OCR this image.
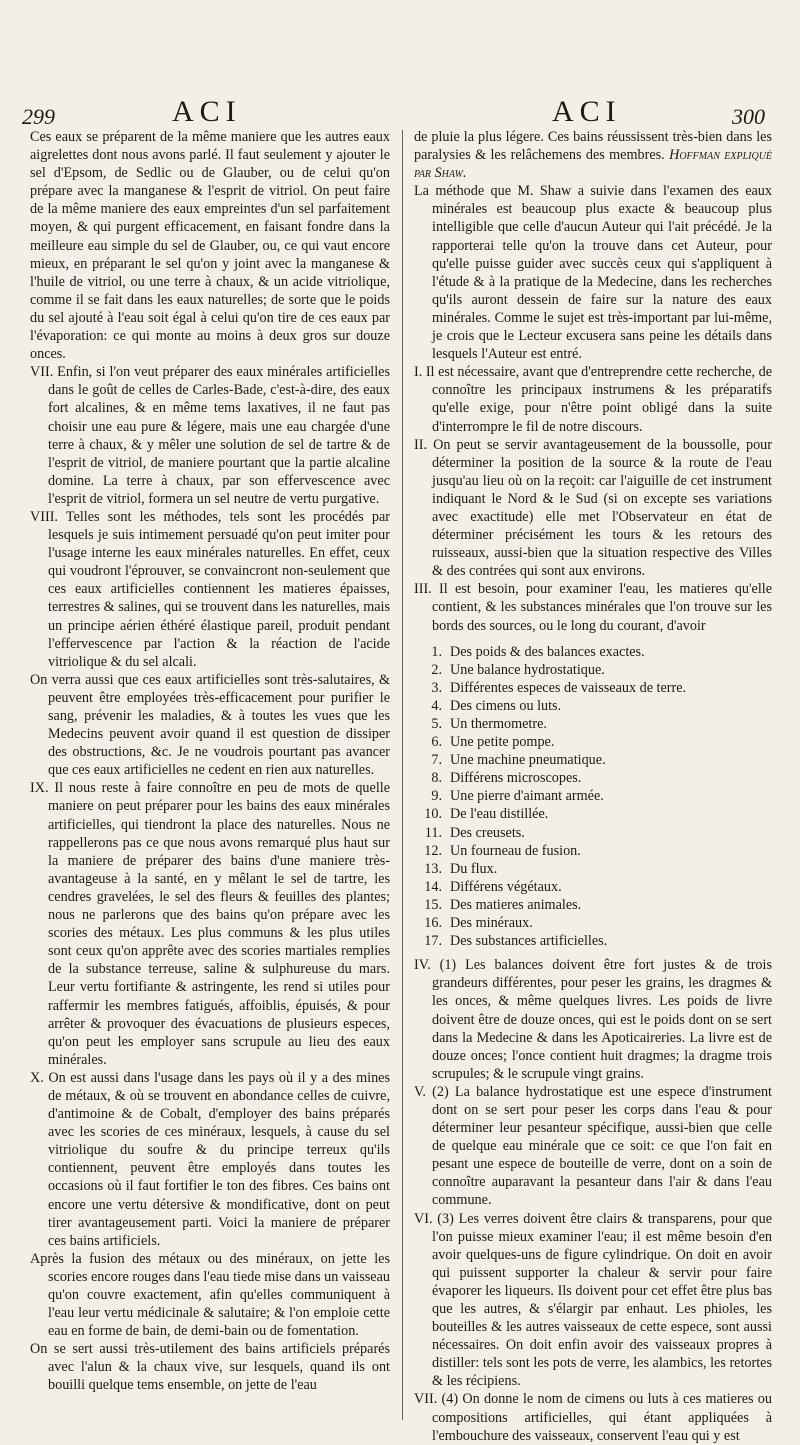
299	ACI	ACI	300

Ces eaux se préparent de la même maniere que les autres eaux aigrelettes dont nous avons parlé. Il faut seulement y ajouter le sel d'Epsom, de Sedlic ou de Glauber, ou de celui qu'on prépare avec la manganese & l'esprit de vitriol. On peut faire de la même maniere des eaux empreintes d'un sel parfaitement moyen, & qui purgent efficacement, en faisant fondre dans la meilleure eau simple du sel de Glauber, ou, ce qui vaut encore mieux, en préparant le sel qu'on y joint avec la manganese & l'huile de vitriol, ou une terre à chaux, & un acide vitriolique, comme il se fait dans les eaux naturelles; de sorte que le poids du sel ajouté à l'eau soit égal à celui qu'on tire de ces eaux par l'évaporation: ce qui monte au moins à deux gros sur douze onces.

VII. Enfin, si l'on veut préparer des eaux minérales artificielles dans le goût de celles de Carles-Bade, c'est-à-dire, des eaux fort alcalines, & en même tems laxatives, il ne faut pas choisir une eau pure & légere, mais une eau chargée d'une terre à chaux, & y mêler une solution de sel de tartre & de l'esprit de vitriol, de maniere pourtant que la partie alcaline domine. La terre à chaux, par son effervescence avec l'esprit de vitriol, formera un sel neutre de vertu purgative.

VIII. Telles sont les méthodes, tels sont les procédés par lesquels je suis intimement persuadé qu'on peut imiter pour l'usage interne les eaux minérales naturelles. En effet, ceux qui voudront l'éprouver, se convaincront non-seulement que ces eaux artificielles contiennent les matieres épaisses, terrestres & salines, qui se trouvent dans les naturelles, mais un principe aérien éthéré élastique pareil, produit pendant l'effervescence par l'action & la réaction de l'acide vitriolique & du sel alcali.

On verra aussi que ces eaux artificielles sont très-salutaires, & peuvent être employées très-efficacement pour purifier le sang, prévenir les maladies, & à toutes les vues que les Medecins peuvent avoir quand il est question de dissiper des obstructions, &c. Je ne voudrois pourtant pas avancer que ces eaux artificielles ne cedent en rien aux naturelles.

IX. Il nous reste à faire connoître en peu de mots de quelle maniere on peut préparer pour les bains des eaux minérales artificielles, qui tiendront la place des naturelles. Nous ne rappellerons pas ce que nous avons remarqué plus haut sur la maniere de préparer des bains d'une maniere très-avantageuse à la santé, en y mêlant le sel de tartre, les cendres gravelées, le sel des fleurs & feuilles des plantes; nous ne parlerons que des bains qu'on prépare avec les scories des métaux. Les plus communs & les plus utiles sont ceux qu'on apprête avec des scories martiales remplies de la substance terreuse, saline & sulphureuse du mars. Leur vertu fortifiante & astringente, les rend si utiles pour raffermir les membres fatigués, affoiblis, épuisés, & pour arrêter & provoquer des évacuations de plusieurs especes, qu'on peut les employer sans scrupule au lieu des eaux minérales.

X. On est aussi dans l'usage dans les pays où il y a des mines de métaux, & où se trouvent en abondance celles de cuivre, d'antimoine & de Cobalt, d'employer des bains préparés avec les scories de ces minéraux, lesquels, à cause du sel vitriolique du soufre & du principe terreux qu'ils contiennent, peuvent être employés dans toutes les occasions où il faut fortifier le ton des fibres. Ces bains ont encore une vertu détersive & mondificative, dont on peut tirer avantageusement parti. Voici la maniere de préparer ces bains artificiels.

Après la fusion des métaux ou des minéraux, on jette les scories encore rouges dans l'eau tiede mise dans un vaisseau qu'on couvre exactement, afin qu'elles communiquent à l'eau leur vertu médicinale & salutaire; & l'on emploie cette eau en forme de bain, de demi-bain ou de fomentation.

On se sert aussi très-utilement des bains artificiels préparés avec l'alun & la chaux vive, sur lesquels, quand ils ont bouilli quelque tems ensemble, on jette de l'eau

de pluie la plus légere. Ces bains réussissent très-bien dans les paralysies & les relâchemens des membres. Hoffman expliqué par Shaw.

La méthode que M. Shaw a suivie dans l'examen des eaux minérales est beaucoup plus exacte & beaucoup plus intelligible que celle d'aucun Auteur qui l'ait précédé. Je la rapporterai telle qu'on la trouve dans cet Auteur, pour qu'elle puisse guider avec succès ceux qui s'appliquent à l'étude & à la pratique de la Medecine, dans les recherches qu'ils auront dessein de faire sur la nature des eaux minérales. Comme le sujet est très-important par lui-même, je crois que le Lecteur excusera sans peine les détails dans lesquels l'Auteur est entré.

I. Il est nécessaire, avant que d'entreprendre cette recherche, de connoître les principaux instrumens & les préparatifs qu'elle exige, pour n'être point obligé dans la suite d'interrompre le fil de notre discours.

II. On peut se servir avantageusement de la boussolle, pour déterminer la position de la source & la route de l'eau jusqu'au lieu où on la reçoit: car l'aiguille de cet instrument indiquant le Nord & le Sud (si on excepte ses variations avec exactitude) elle met l'Observateur en état de déterminer précisément les tours & les retours des ruisseaux, aussi-bien que la situation respective des Villes & des contrées qui sont aux environs.

III. Il est besoin, pour examiner l'eau, les matieres qu'elle contient, & les substances minérales que l'on trouve sur les bords des sources, ou le long du courant, d'avoir

1. Des poids & des balances exactes.
2. Une balance hydrostatique.
3. Différentes especes de vaisseaux de terre.
4. Des cimens ou luts.
5. Un thermometre.
6. Une petite pompe.
7. Une machine pneumatique.
8. Différens microscopes.
9. Une pierre d'aimant armée.
10. De l'eau distillée.
11. Des creusets.
12. Un fourneau de fusion.
13. Du flux.
14. Différens végétaux.
15. Des matieres animales.
16. Des minéraux.
17. Des substances artificielles.

IV. (1) Les balances doivent être fort justes & de trois grandeurs différentes, pour peser les grains, les dragmes & les onces, & même quelques livres. Les poids de livre doivent être de douze onces, qui est le poids dont on se sert dans la Medecine & dans les Apoticaireries. La livre est de douze onces; l'once contient huit dragmes; la dragme trois scrupules; & le scrupule vingt grains.

V. (2) La balance hydrostatique est une espece d'instrument dont on se sert pour peser les corps dans l'eau & pour déterminer leur pesanteur spécifique, aussi-bien que celle de quelque eau minérale que ce soit: ce que l'on fait en pesant une espece de bouteille de verre, dont on a soin de connoître auparavant la pesanteur dans l'air & dans l'eau commune.

VI. (3) Les verres doivent être clairs & transparens, pour que l'on puisse mieux examiner l'eau; il est même besoin d'en avoir quelques-uns de figure cylindrique. On doit en avoir qui puissent supporter la chaleur & servir pour faire évaporer les liqueurs. Ils doivent pour cet effet être plus bas que les autres, & s'élargir par enhaut. Les phioles, les bouteilles & les autres vaisseaux de cette espece, sont aussi nécessaires. On doit enfin avoir des vaisseaux propres à distiller: tels sont les pots de verre, les alambics, les retortes & les récipiens.

VII. (4) On donne le nom de cimens ou luts à ces matieres ou compositions artificielles, qui étant appliquées à l'embouchure des vaisseaux, conservent l'eau qui y est
